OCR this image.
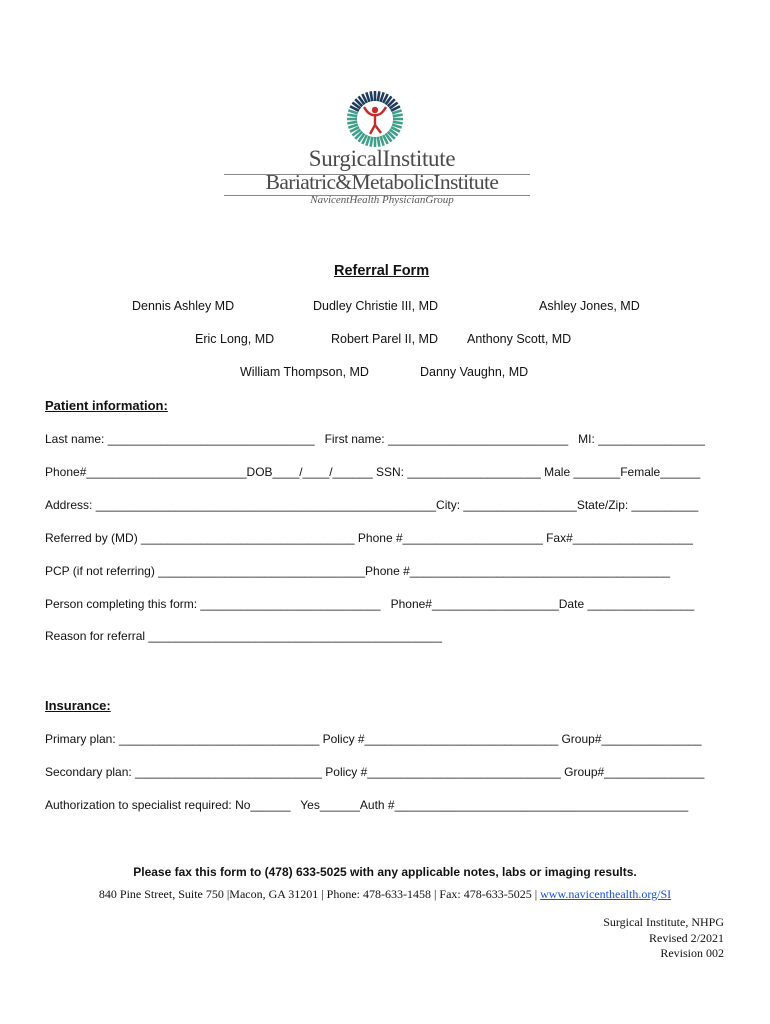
SurgicalInstitute
Bariatric&MetabolicInstitute
NavicentHealth PhysicianGroup
Referral Form
Dennis Ashley MD	Dudley Christie III, MD	Ashley Jones, MD
Eric Long, MD	Robert Parel II, MD Anthony Scott, MD
William Thompson, MD	Danny Vaughn, MD
Patient information:
Last name: _______________________________   First name: ___________________________   MI: ________________
Phone#________________________DOB____/____/______ SSN: ____________________ Male _______Female______
Address: ___________________________________________________City: _________________State/Zip: __________
Referred by (MD) ________________________________ Phone #_____________________ Fax#__________________
PCP (if not referring) _______________________________Phone #_______________________________________
Person completing this form: ___________________________   Phone#___________________Date ________________
Reason for referral ____________________________________________
Insurance:
Primary plan: ______________________________ Policy #_____________________________ Group#_______________
Secondary plan: ____________________________ Policy #_____________________________ Group#_______________
Authorization to specialist required: No______   Yes______Auth #____________________________________________
Please fax this form to (478) 633-5025 with any applicable notes, labs or imaging results.
840 Pine Street, Suite 750 |Macon, GA 31201 | Phone: 478-633-1458 | Fax: 478-633-5025 | www.navicenthealth.org/SI
Surgical Institute, NHPG
Revised 2/2021
Revision 002
